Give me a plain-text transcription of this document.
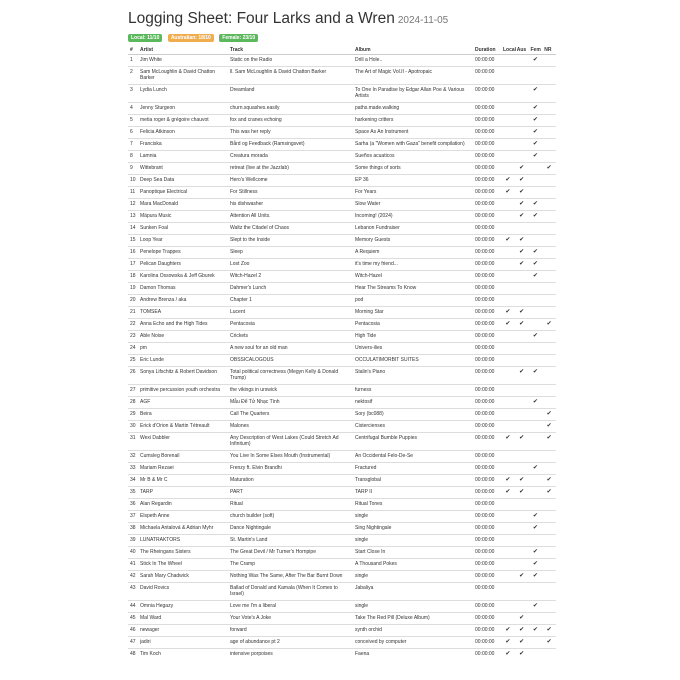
Logging Sheet: Four Larks and a Wren 2024-11-05
Local: 11/10 Australian: 18/10 Female: 23/10
#	Artist	Track	Album	Duration	Local	Aus	Fem	NR
1	Jim White	Static on the Radio	Drill a Hole..	00:00:00			✔	
2	Sam McLoughlin & David Chatton Barker	ll. Sam McLoughlin & David Chatton Barker	The Art of Magic Vol.II - Apotropaic	00:00:00				
3	Lydia Lunch	Dreamland	To One In Paradise by Edgar Allan Poe & Various Artists	00:00:00			✔	
4	Jenny Sturgeon	churn.squashes.easily	paths.made.walking	00:00:00			✔	
5	metia roger & grégoire chauvot	fox and cranes echoing	harkening critters	00:00:00			✔	
6	Felicia Atkinson	This was her reply	Space As An Instrument	00:00:00			✔	
7	Franciska	Bård og Feedback (Ramsingsvet)	Sarha (a "Women with Gaza" benefit compilation)	00:00:00			✔	
8	Lamnia	Creatura morada	Sueños acuaticos	00:00:00			✔	
9	Wittebrant	retreat (live at the Jazzlab)	Some things of sorts	00:00:00		✔		✔
10	Deep Sea Data	Hero's Wellcome	EP 36	00:00:00	✔	✔		
11	Panoptique Electrical	For Stillness	For Years	00:00:00	✔	✔		
12	Mara MacDonald	his dishwasher	Slow Water	00:00:00		✔	✔	
13	Mäpura Music	Attention All Units.	Incoming! (2024)	00:00:00		✔	✔	
14	Sunken Foal	Waltz the Citadel of Chaos	Lebanon Fundraiser	00:00:00				
15	Loop Year	Slept to the Inside	Memory Guests	00:00:00	✔	✔		
16	Penelope Trappes	Sleep	A Requiem	00:00:00		✔	✔	
17	Pelican Daughters	Lost Zoo	it's time my friend...	00:00:00		✔	✔	
18	Karolina Ossowska & Jeff Gburek	Witch-Hazel 2	Witch-Hazel	00:00:00			✔	
19	Damon Thomas	Dahmer's Lunch	Hear The Streams To Know	00:00:00				
20	Andrew Brenza / aka	Chapter 1	pod	00:00:00				
21	TOMSEA	Lucent	Morning Star	00:00:00	✔	✔		
22	Anna Echo and the High Tides	Pentacosia	Pentacosia	00:00:00	✔	✔		✔
23	Able Noise	Crickets	High Tide	00:00:00			✔	
24	pm	A new soul for an old man	Univers-ilies	00:00:00				
25	Eric Lunde	OBSSICALOGOUS	OCCULATIMORBIT SUITES	00:00:00				
26	Sonya Lifschitz & Robert Davidson	Total political correctness (Megyn Kelly & Donald Trump)	Stalin's Piano	00:00:00		✔	✔	
27	primitive percussion youth orchestra	the vikings in urswick	furness	00:00:00				
28	AGF	Mẫu Để Tử Nhạc Tình	nektosif	00:00:00			✔	
29	Beira	Call The Quarters	Sory (bc088)	00:00:00				✔
30	Erick d'Orion & Martin Tétreault	Malones	Cistercienses	00:00:00				✔
31	Wexi Dabbler	Any Description of West Lakes (Could Stretch Ad Infinitum)	Centrifugal Bumble Puppies	00:00:00	✔	✔		✔
32	Cumsleg Borenail	You Live In Some Elses Mouth (Instrumental)	An Occidental Felo-De-Se	00:00:00				
33	Mariam Rezaei	Frenzy ft. Elvin Brandhi	Fractured	00:00:00			✔	
34	Mr B & Mr C	Maturation	Transglobal	00:00:00	✔	✔		✔
35	TARP	PART	TARP II	00:00:00	✔	✔		✔
36	Alan Regardin	Ritual	Ritual Tones	00:00:00				
37	Elspeth Anne	church builder (soft)	single	00:00:00			✔	
38	Michaela Antalová & Adrian Myhr	Dance Nightingale	Sing Nightingale	00:00:00			✔	
39	LUNATRAKTORS	St. Martin's Land	single	00:00:00				
40	The Rheingans Sisters	The Great Devil / Mr Turner's Hornpipe	Start Close In	00:00:00			✔	
41	Stick In The Wheel	The Cramp	A Thousand Pokes	00:00:00			✔	
42	Sarah Mary Chadwick	Nothing Was The Same, After The Bar Burnt Down	single	00:00:00		✔	✔	
43	David Rovics	Ballad of Donald and Kamala (When It Comes to Israel)	Jabaliya	00:00:00				
44	Omnia Hegazy	Love me I'm a liberal	single	00:00:00			✔	
45	Mal Ward	Your Vote's A Joke	Take The Red Pill (Deluxe Album)	00:00:00		✔		
46	newager	forward	synth orchid	00:00:00	✔	✔	✔	✔
47	jadiri	age of abundance pt 2	conceived by computer	00:00:00	✔	✔		✔
48	Tim Koch	intensive porpoises	Faena	00:00:00	✔	✔		
